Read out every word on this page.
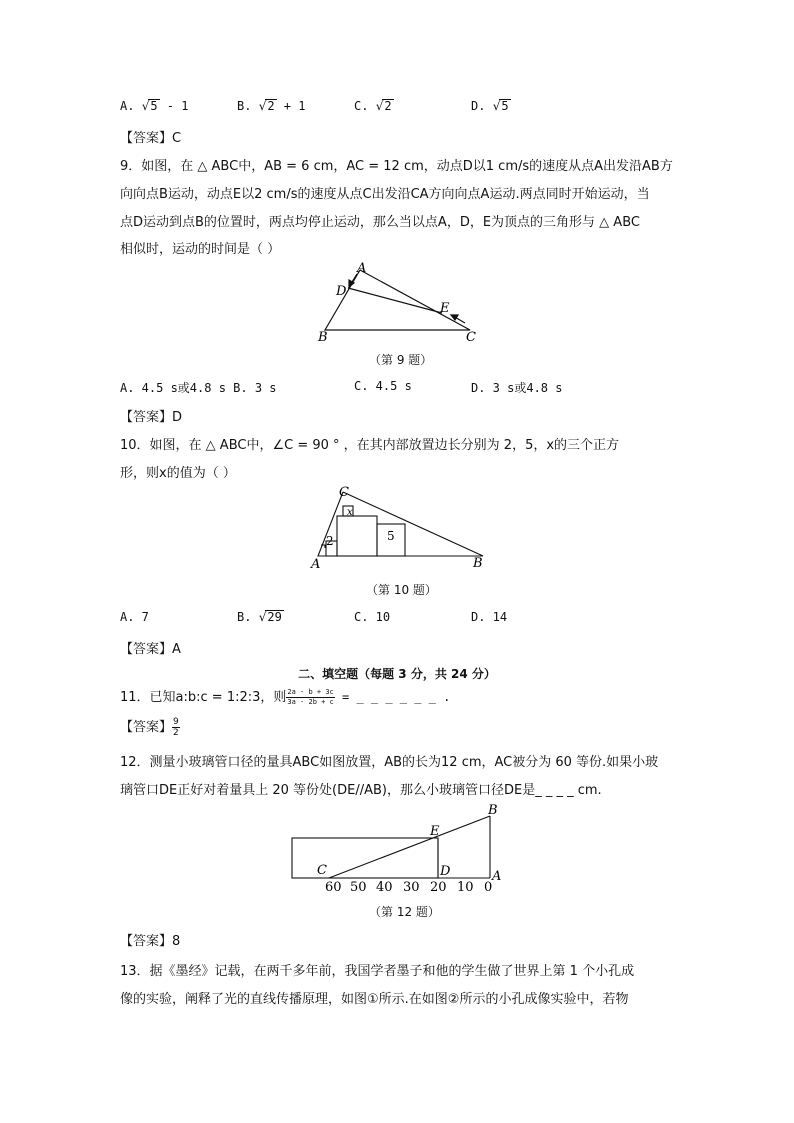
A. √5 - 1	B. √2 + 1	C. √2	D. √5
【答案】C
9．如图，在 △ ABC中，AB = 6 cm，AC = 12 cm，动点D以1 cm/s的速度从点A出发沿AB方
向向点B运动，动点E以2 cm/s的速度从点C出发沿CA方向向点A运动.两点同时开始运动，当
点D运动到点B的位置时，两点均停止运动，那么当以点A，D，E为顶点的三角形与 △ ABC
相似时，运动的时间是（ ）
A
D
E
B	C
（第 9 题）
A. 4.5 s或4.8 s B. 3 s	C. 4.5 s	D. 3 s或4.8 s
【答案】D
10．如图，在 △ ABC中，∠C = 90 ° ，在其内部放置边长分别为 2，5，x的三个正方
形，则x的值为（ ）
C
x
2	5
A	B
（第 10 题）
A. 7	B. √29	C. 10	D. 14
【答案】A
二、填空题（每题 3 分，共 24 分）
11．已知a:b:c = 1:2:3，则 $\frac{2a - b + 3c}{3a - 2b + c}$ = _ _ _ _ _ _ .
【答案】 $\frac{9}{2}$
12．测量小玻璃管口径的量具ABC如图放置，AB的长为12 cm，AC被分为 60 等份.如果小玻
璃管口DE正好对着量具上 20 等份处(DE//AB)，那么小玻璃管口径DE是_ _ _ _ cm.
C
E
D
B
A
60 50 40 30 20 10 0
（第 12 题）
【答案】8
13．据《墨经》记载，在两千多年前，我国学者墨子和他的学生做了世界上第 1 个小孔成
像的实验，阐释了光的直线传播原理，如图①所示.在如图②所示的小孔成像实验中，若物
